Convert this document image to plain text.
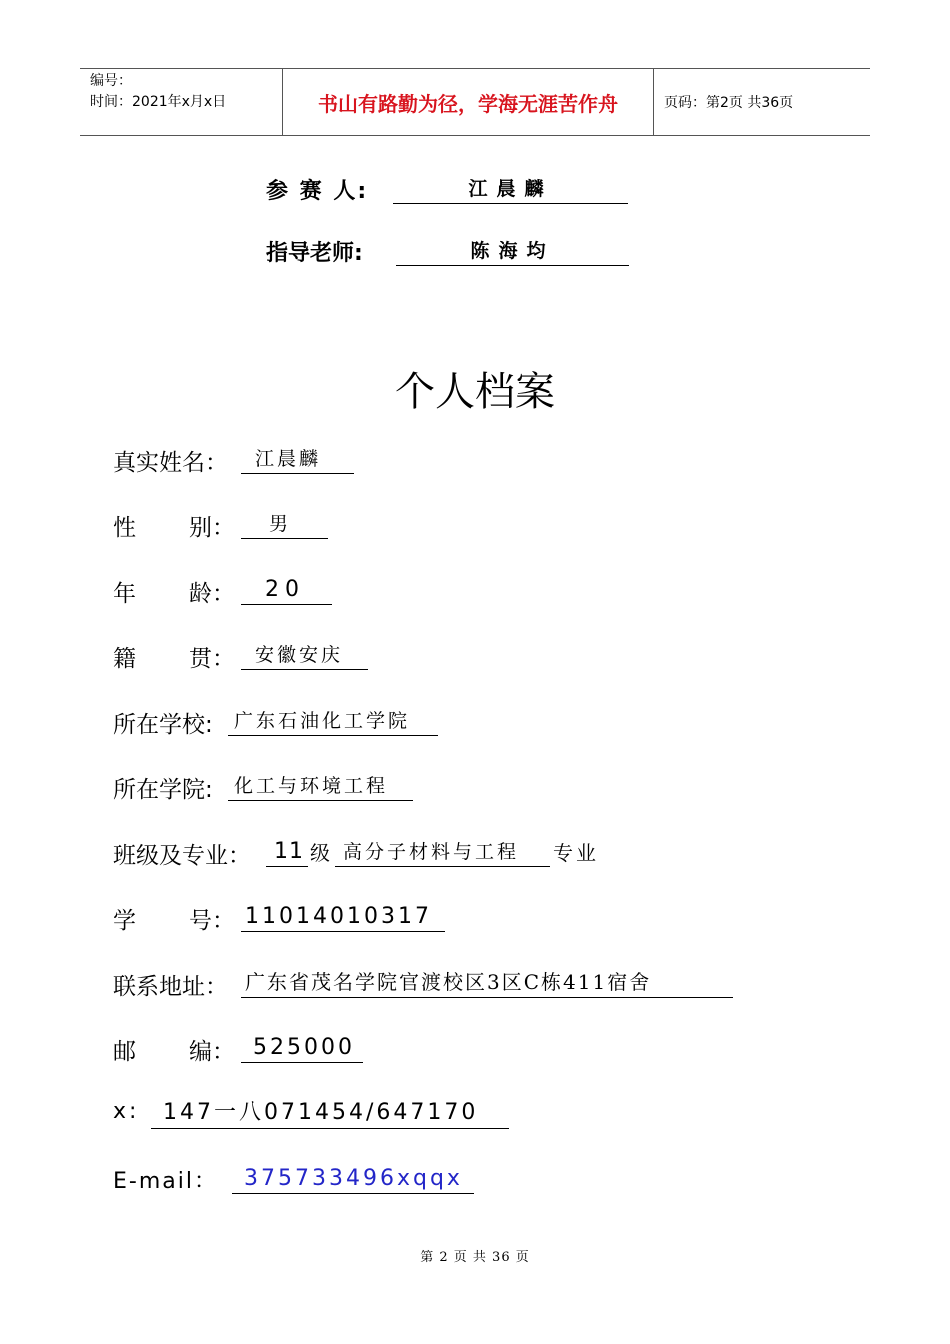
编号：
时间：2021年x月x日	书山有路勤为径，学海无涯苦作舟	页码：第2页 共36页
参 赛 人:	江晨麟
指导老师:	陈海均
个人档案
真实姓名：	江晨麟
性 别：	男
年 龄：	20
籍 贯：	安徽安庆
所在学校:	广东石油化工学院
所在学院:	化工与环境工程
班级及专业：	11 级 高分子材料与工程	专业
学 号： 11014010317
联系地址： 广东省茂名学院官渡校区3区C栋411宿舍
邮 编： 525000
x:	147一八071454/647170
E-mail：	375733496xqqx
第 2 页 共 36 页
